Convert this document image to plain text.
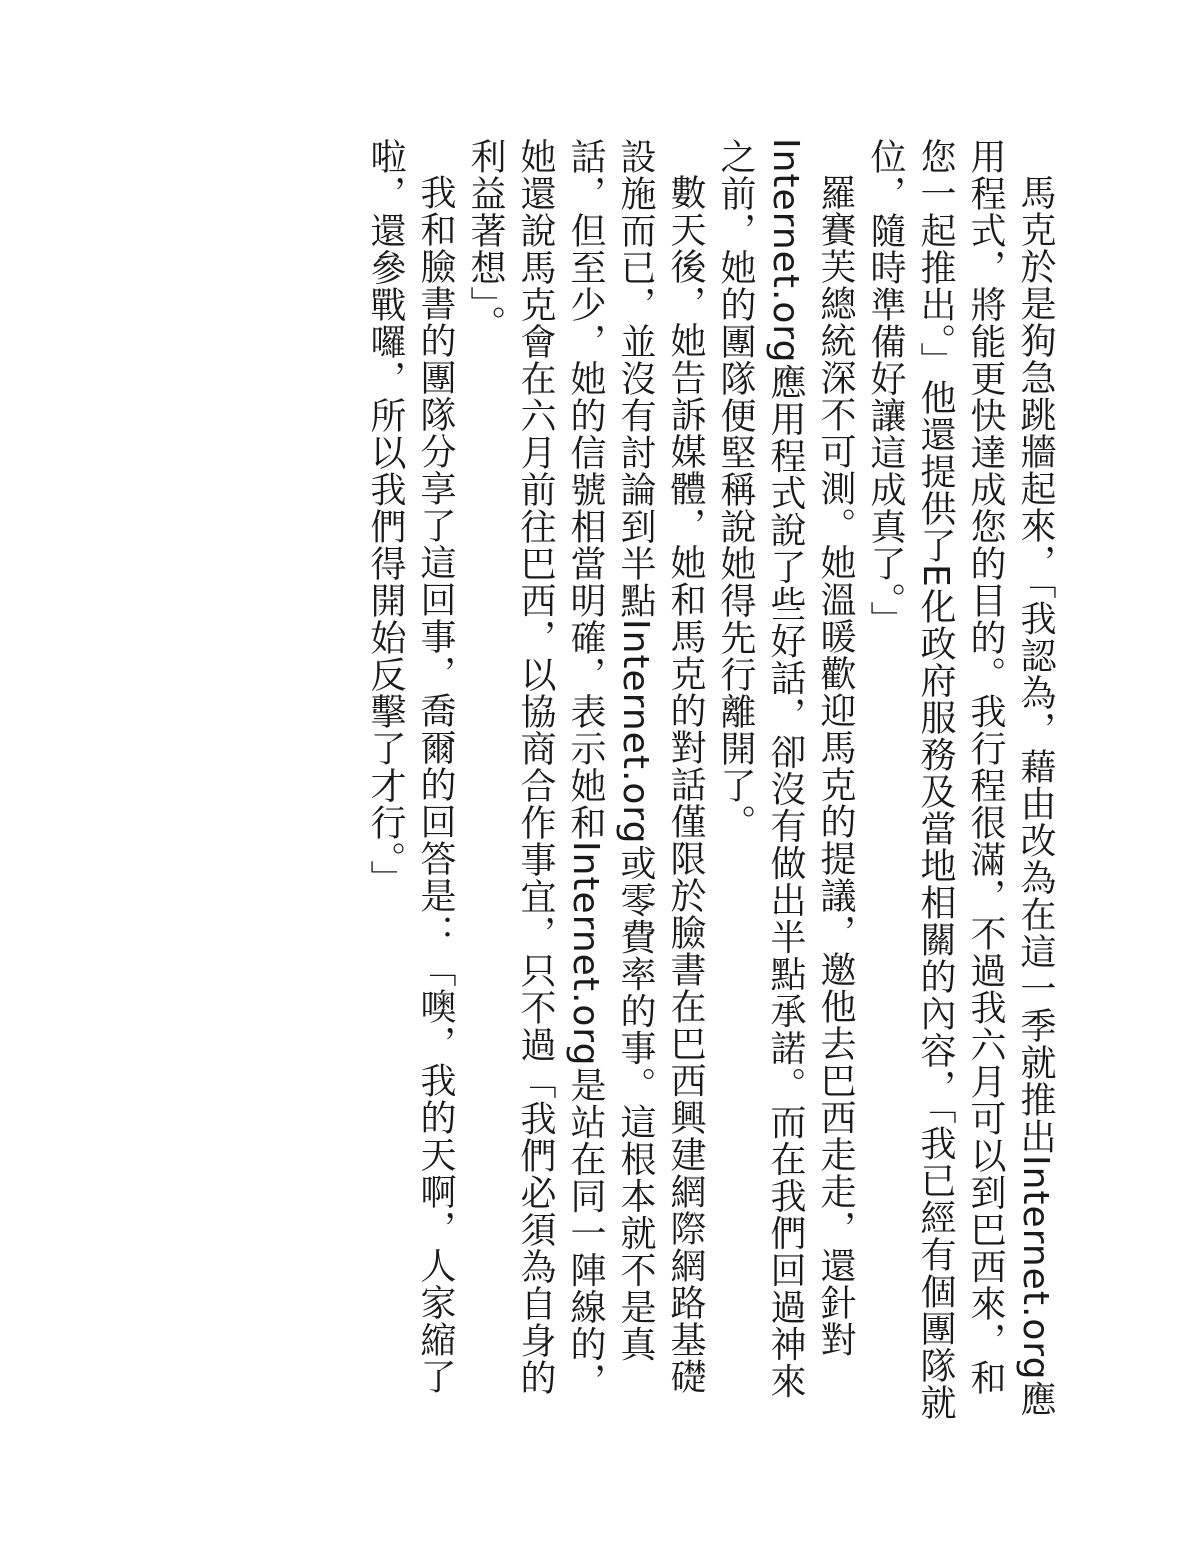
馬克於是狗急跳牆起來，「我認為，藉由改為在這一季就推出Internet.org應用程式，將能更快達成您的目的。我行程很滿，不過我六月可以到巴西來，和您一起推出。」他還提供了E化政府服務及當地相關的內容，「我已經有個團隊就位，隨時準備好讓這成真了。」

羅賽芙總統深不可測。她溫暖歡迎馬克的提議，邀他去巴西走走，還針對Internet.org應用程式說了些好話，卻沒有做出半點承諾。而在我們回過神來之前，她的團隊便堅稱說她得先行離開了。

數天後，她告訴媒體，她和馬克的對話僅限於臉書在巴西興建網際網路基礎設施而已，並沒有討論到半點Internet.org或零費率的事。這根本就不是真話，但至少，她的信號相當明確，表示她和Internet.org是站在同一陣線的，她還說馬克會在六月前往巴西，以協商合作事宜，只不過「我們必須為自身的利益著想」。

我和臉書的團隊分享了這回事，喬爾的回答是：「噢，我的天啊，人家縮了啦，還參戰囉，所以我們得開始反擊了才行。」
